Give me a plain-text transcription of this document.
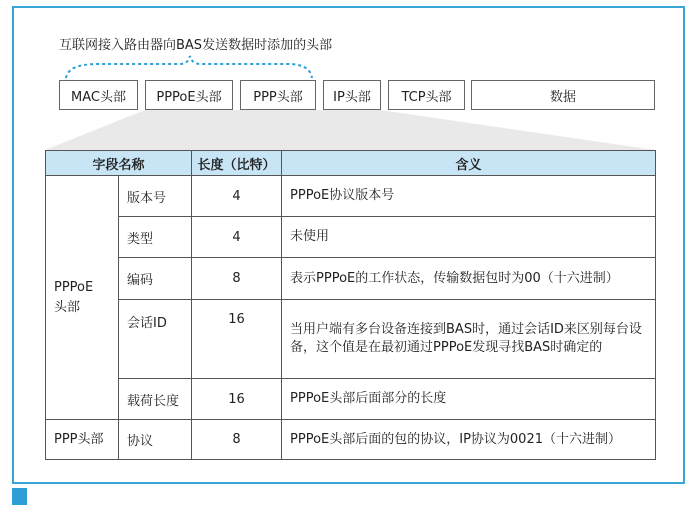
互联网接入路由器向BAS发送数据时添加的头部
MAC头部	PPPoE头部	PPP头部	IP头部	TCP头部	数据
字段名称		长度（比特）	含义
PPPoE
头部	版本号	4	PPPoE协议版本号
	类型	4	未使用
	编码	8	表示PPPoE的工作状态，传输数据包时为00（十六进制）
	会话ID	16	当用户端有多台设备连接到BAS时，通过会话ID来区别每台设备，这个值是在最初通过PPPoE发现寻找BAS时确定的
	载荷长度	16	PPPoE头部后面部分的长度
PPP头部	协议	8	PPPoE头部后面的包的协议，IP协议为0021（十六进制）
